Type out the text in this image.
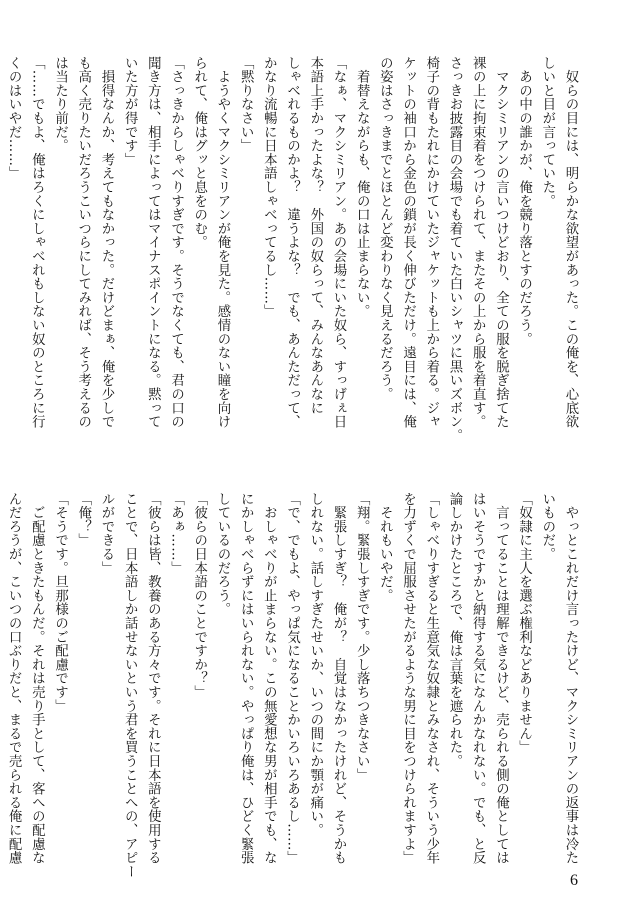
　奴らの目には、明らかな欲望があった。この俺を、心底欲
しいと目が言っていた。
　あの中の誰かが、俺を競り落とすのだろう。
　マクシミリアンの言いつけどおり、全ての服を脱ぎ捨てた
裸の上に拘束着をつけられて、またその上から服を着直す。
さっきお披露目の会場でも着ていた白いシャツに黒いズボン。
椅子の背もたれにかけていたジャケットも上から着る。ジャ
ケットの袖口から金色の鎖が長く伸びただけ。遠目には、俺
の姿はさっきまでとほとんど変わりなく見えるだろう。
　着替えながらも、俺の口は止まらない。
「なぁ、マクシミリアン。あの会場にいた奴ら、すっげぇ日
本語上手かったよな？　外国の奴らって、みんなあんなに
しゃべれるものかよ？　違うよな？　でも、あんただって、
かなり流暢に日本語しゃべってるし……」
「黙りなさい」
　ようやくマクシミリアンが俺を見た。感情のない瞳を向け
られて、俺はグッと息をのむ。
「さっきからしゃべりすぎです。そうでなくても、君の口の
聞き方は、相手によってはマイナスポイントになる。黙って
いた方が得です」
　損得なんか、考えてもなかった。だけどまぁ、俺を少しで
も高く売りたいだろうこいつらにしてみれば、そう考えるの
は当たり前だ。
「……でもよ、俺はろくにしゃべれもしない奴のところに行
くのはいやだ……」
　やっとこれだけ言ったけど、マクシミリアンの返事は冷た
いものだ。
「奴隷に主人を選ぶ権利などありません」
　言ってることは理解できるけど、売られる側の俺としては
はいそうですかと納得する気になんかなれない。でも、と反
論しかけたところで、俺は言葉を遮られた。
「しゃべりすぎると生意気な奴隷とみなされ、そういう少年
を力ずくで屈服させたがるような男に目をつけられますよ」
　それもいやだ。
「翔。緊張しすぎです。少し落ちつきなさい」
　緊張しすぎ？　俺が？　自覚はなかったけれど、そうかも
しれない。話しすぎたせいか、いつの間にか顎が痛い。
「で、でもよ、やっぱ気になることかいろいろあるし……」
　おしゃべりが止まらない。この無愛想な男が相手でも、な
にかしゃべらずにはいられない。やっぱり俺は、ひどく緊張
しているのだろう。
「彼らの日本語のことですか？」
「あぁ……」
「彼らは皆、教養のある方々です。それに日本語を使用する
ことで、日本語しか話せないという君を買うことへの、アピー
ルができる」
「俺？」
「そうです。旦那様のご配慮です」
　ご配慮ときたもんだ。それは売り手として、客への配慮な
んだろうが、こいつの口ぶりだと、まるで売られる俺に配慮
6
